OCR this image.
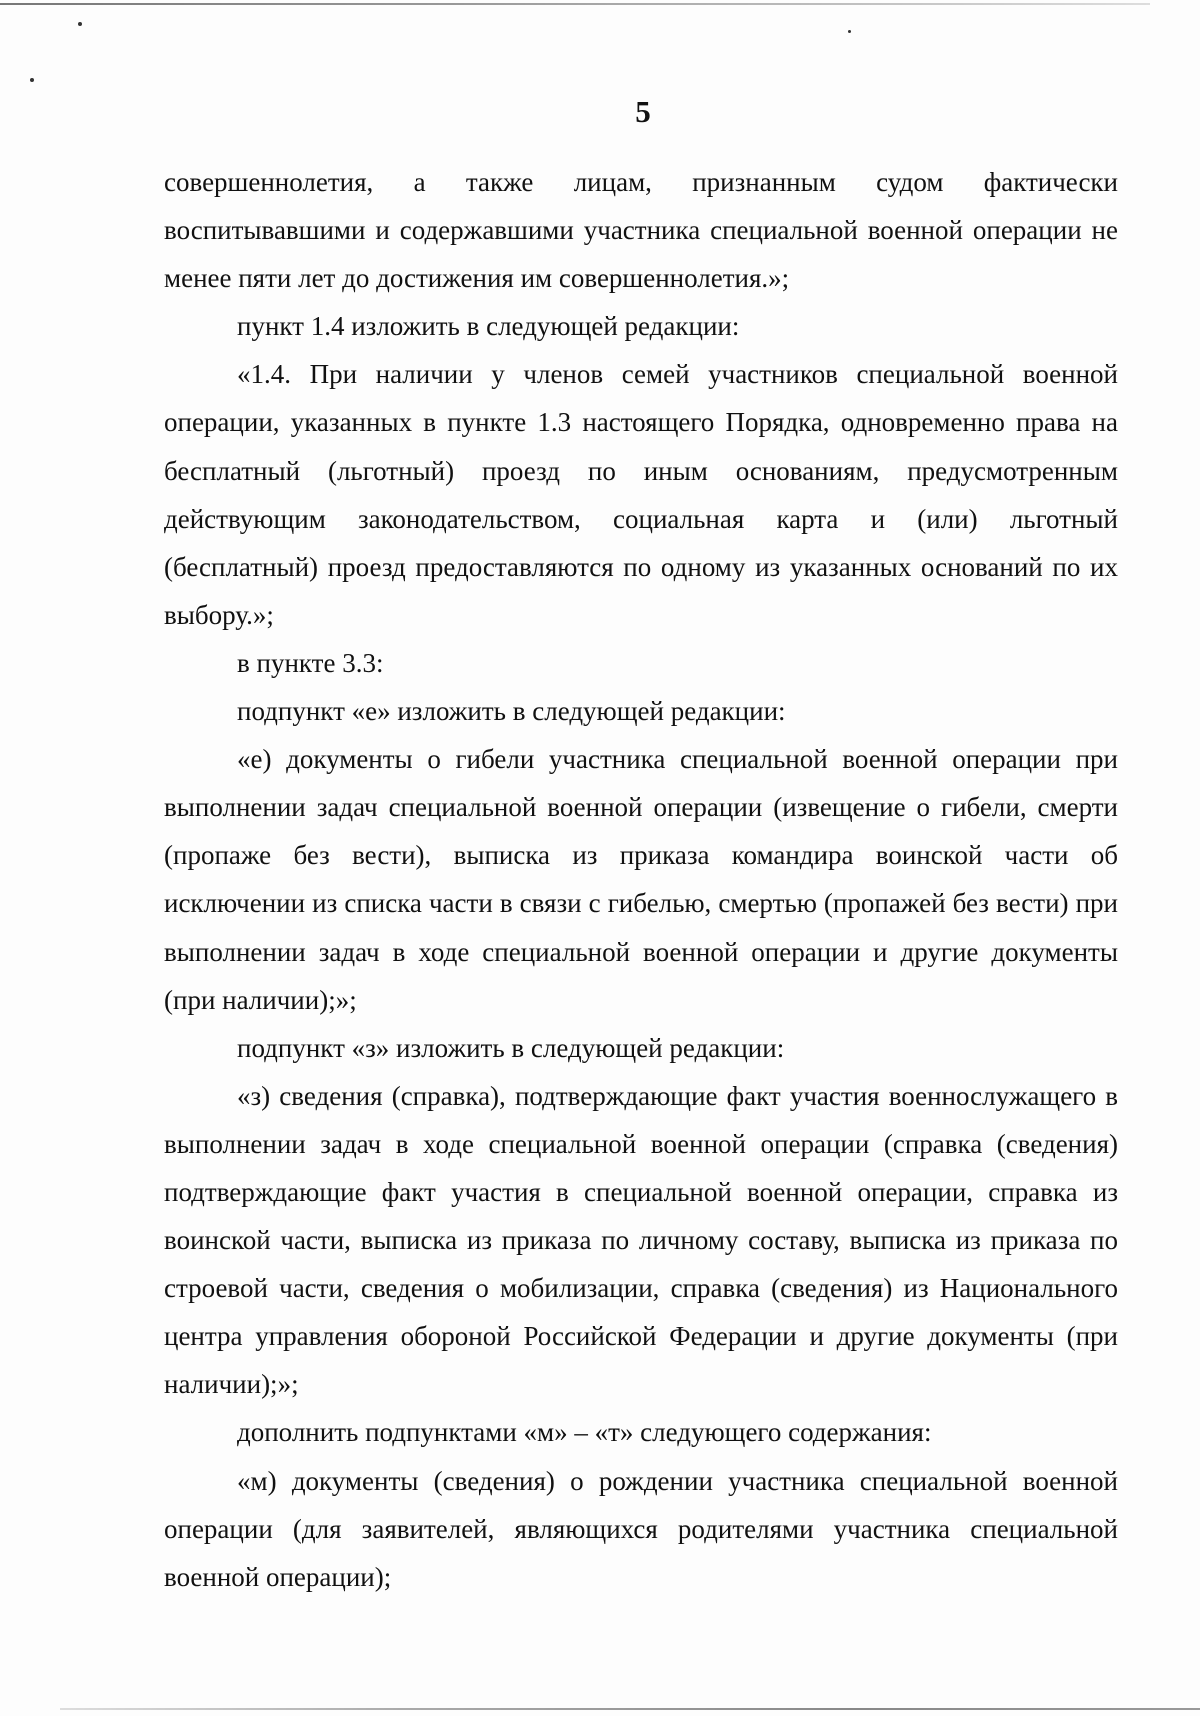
5

совершеннолетия, а также лицам, признанным судом фактически воспитывавшими и содержавшими участника специальной военной операции не менее пяти лет до достижения им совершеннолетия.»;

пункт 1.4 изложить в следующей редакции:

«1.4. При наличии у членов семей участников специальной военной операции, указанных в пункте 1.3 настоящего Порядка, одновременно права на бесплатный (льготный) проезд по иным основаниям, предусмотренным действующим законодательством, социальная карта и (или) льготный (бесплатный) проезд предоставляются по одному из указанных оснований по их выбору.»;

в пункте 3.3:

подпункт «е» изложить в следующей редакции:

«е) документы о гибели участника специальной военной операции при выполнении задач специальной военной операции (извещение о гибели, смерти (пропаже без вести), выписка из приказа командира воинской части об исключении из списка части в связи с гибелью, смертью (пропажей без вести) при выполнении задач в ходе специальной военной операции и другие документы (при наличии);»;

подпункт «з» изложить в следующей редакции:

«з) сведения (справка), подтверждающие факт участия военнослужащего в выполнении задач в ходе специальной военной операции (справка (сведения) подтверждающие факт участия в специальной военной операции, справка из воинской части, выписка из приказа по личному составу, выписка из приказа по строевой части, сведения о мобилизации, справка (сведения) из Национального центра управления обороной Российской Федерации и другие документы (при наличии);»;

дополнить подпунктами «м» – «т» следующего содержания:

«м) документы (сведения) о рождении участника специальной военной операции (для заявителей, являющихся родителями участника специальной военной операции);
